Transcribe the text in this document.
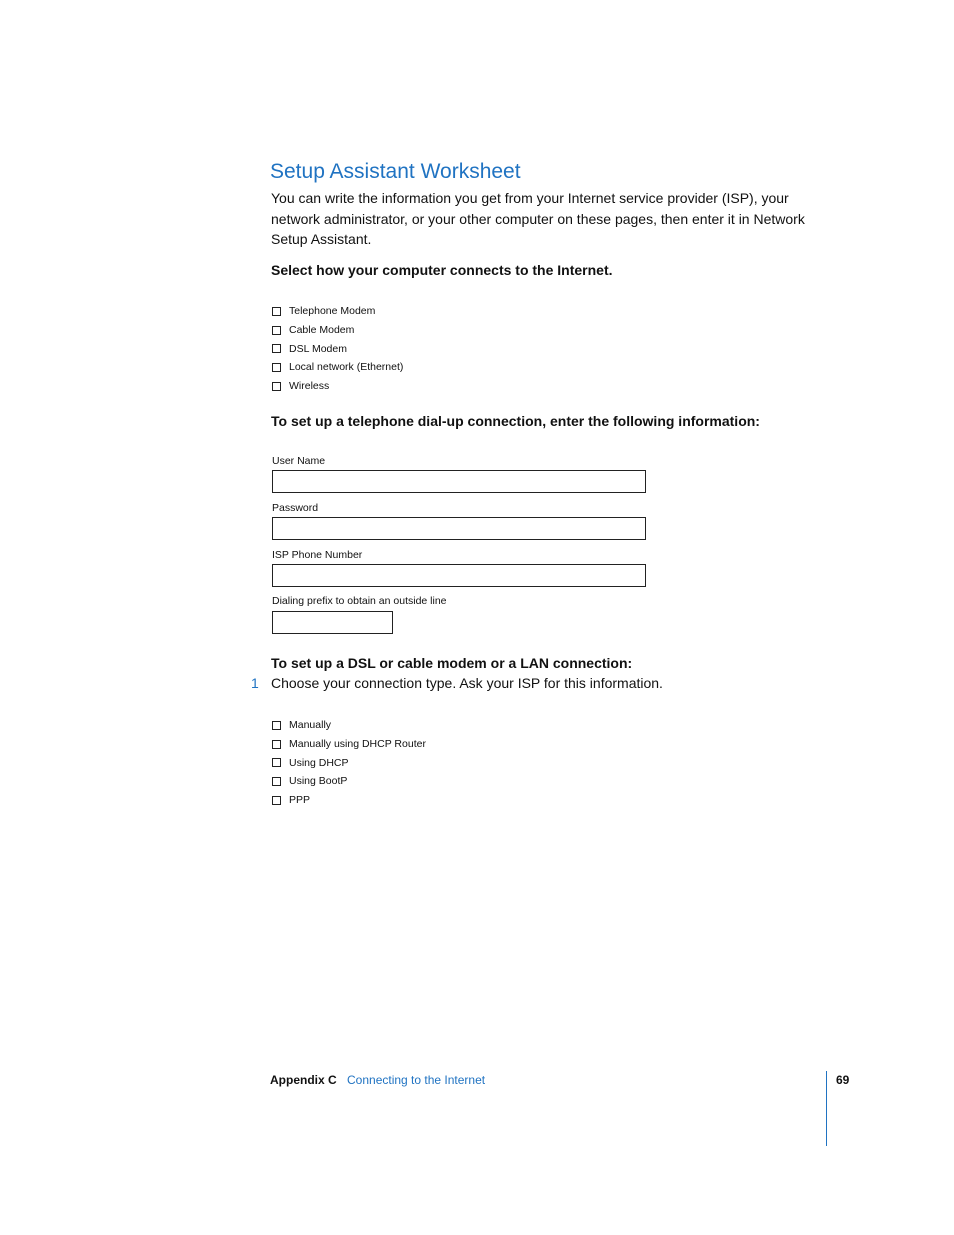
Setup Assistant Worksheet
You can write the information you get from your Internet service provider (ISP), your network administrator, or your other computer on these pages, then enter it in Network Setup Assistant.
Select how your computer connects to the Internet.
Telephone Modem
Cable Modem
DSL Modem
Local network (Ethernet)
Wireless
To set up a telephone dial-up connection, enter the following information:
User Name
Password
ISP Phone Number
Dialing prefix to obtain an outside line
To set up a DSL or cable modem or a LAN connection:
1 Choose your connection type. Ask your ISP for this information.
Manually
Manually using DHCP Router
Using DHCP
Using BootP
PPP
Appendix C Connecting to the Internet	69
